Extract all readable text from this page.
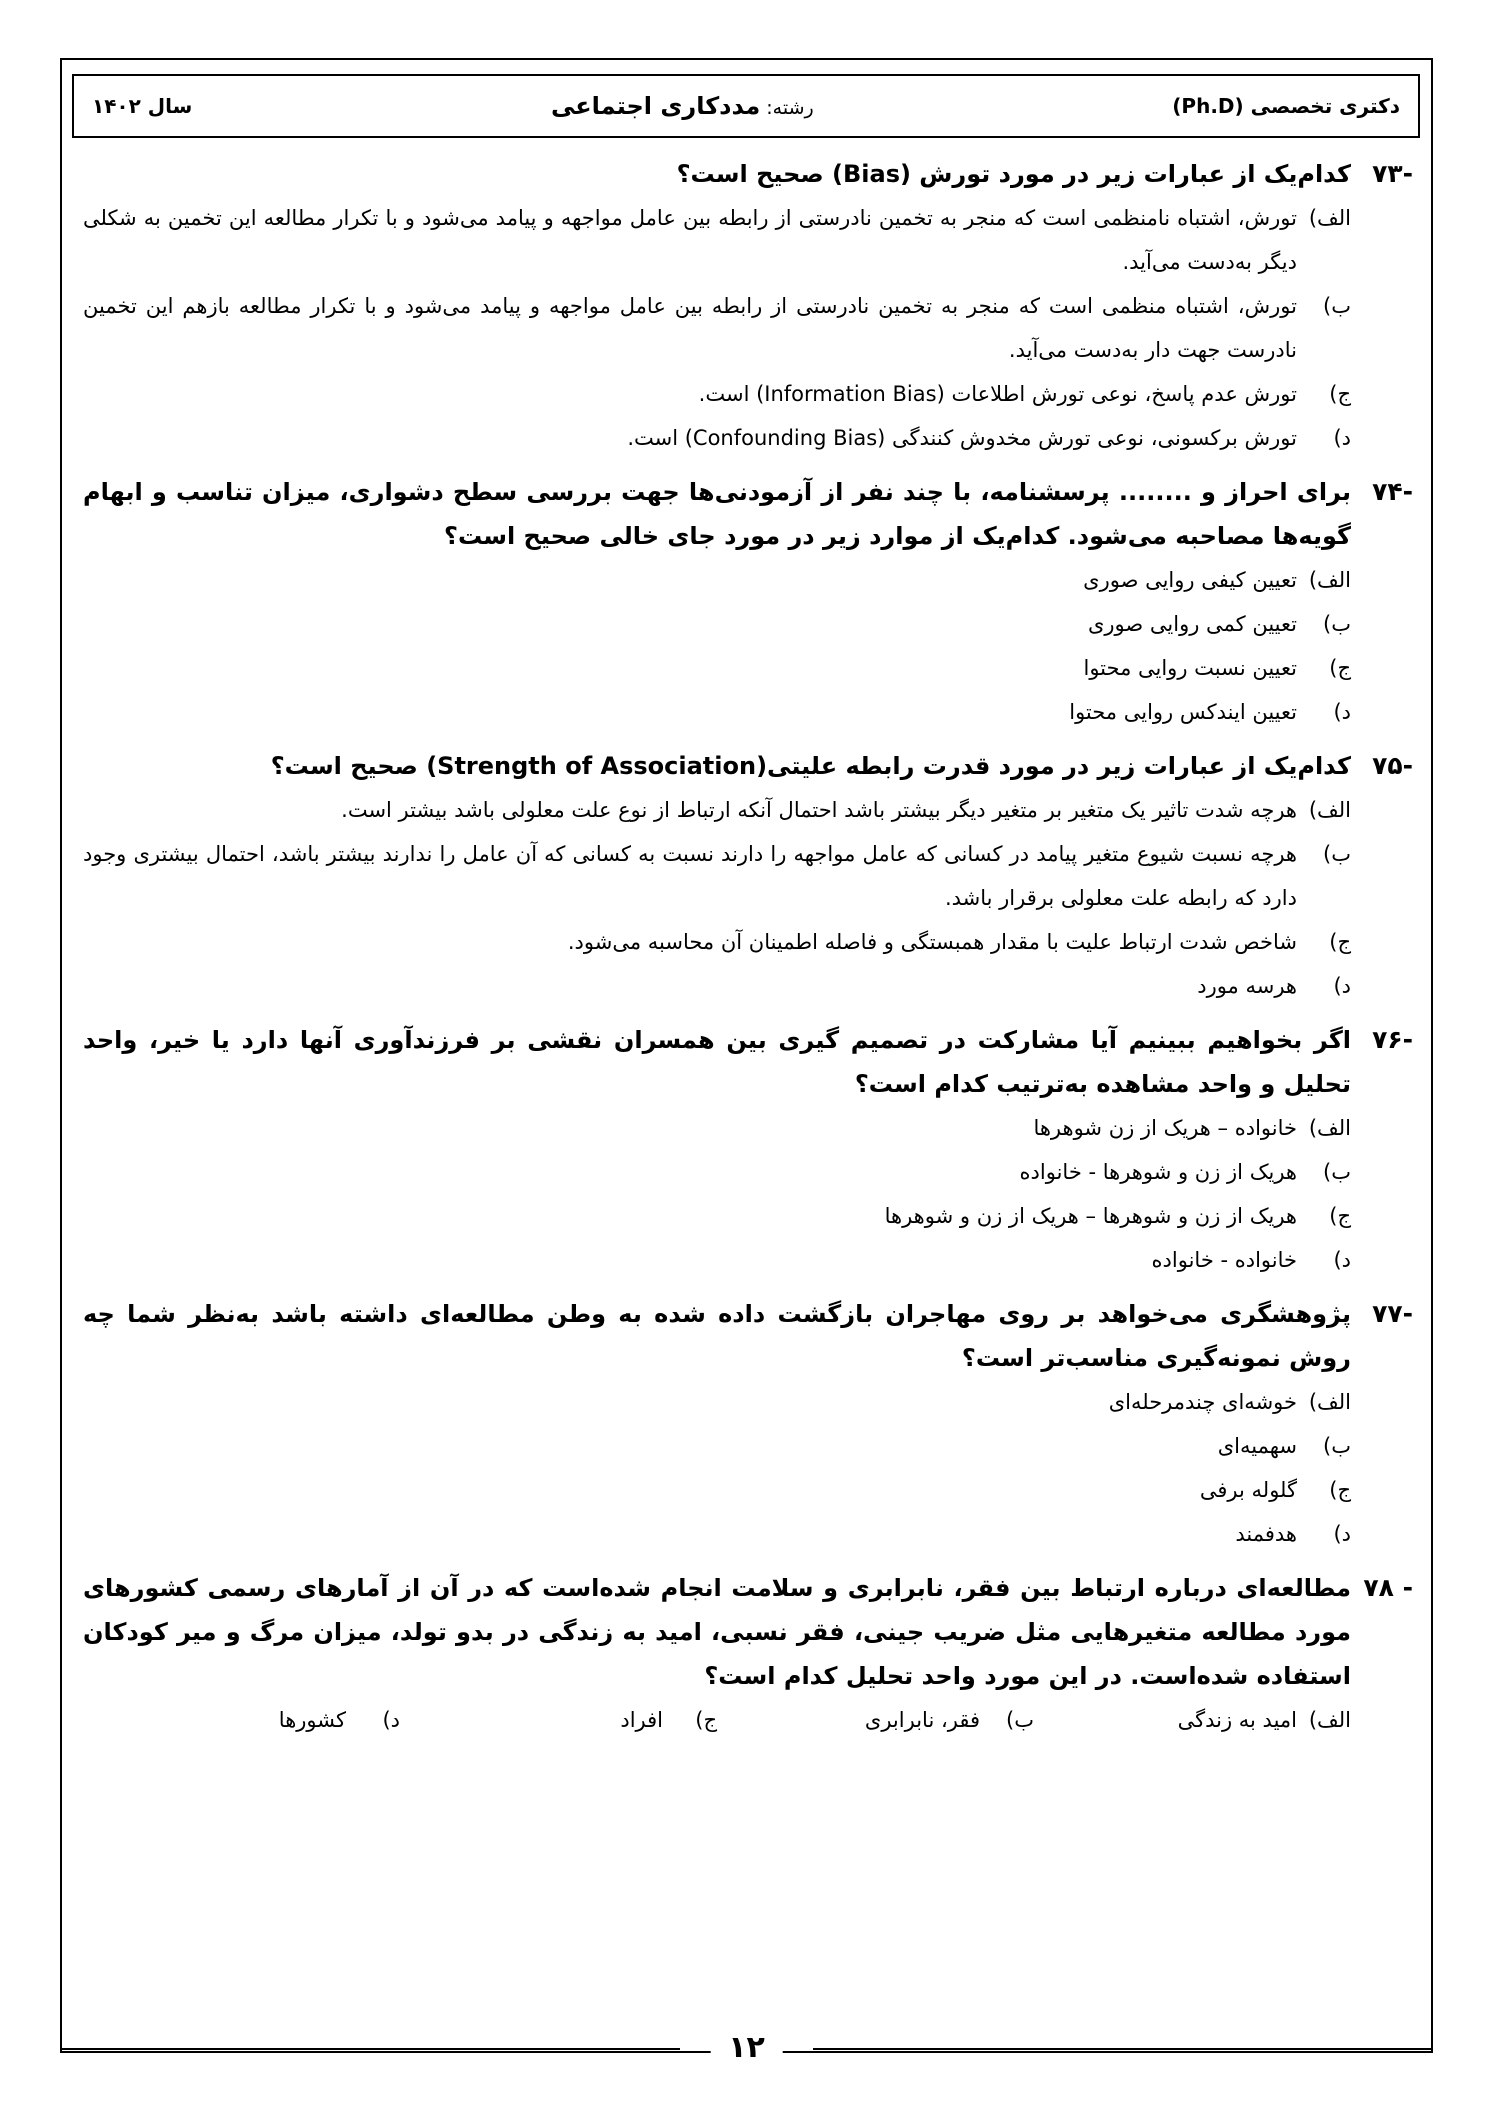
دکتری تخصصی (Ph.D)
رشته: مددکاری اجتماعی
سال ۱۴۰۲
-۷۳
کدام‌یک از عبارات زیر در مورد تورش (Bias) صحیح است؟
الف)
تورش، اشتباه نامنظمی است که منجر به تخمین نادرستی از رابطه بین عامل مواجهه و پیامد می‌شود و با تکرار مطالعه این تخمین به شکلی دیگر به‌دست می‌آید.
ب)
تورش، اشتباه منظمی است که منجر به تخمین نادرستی از رابطه بین عامل مواجهه و پیامد می‌شود و با تکرار مطالعه بازهم این تخمین نادرست جهت دار به‌دست می‌آید.
ج)
تورش عدم پاسخ، نوعی تورش اطلاعات (Information Bias) است.
د)
تورش برکسونی، نوعی تورش مخدوش کنندگی (Confounding Bias) است.
-۷۴
برای احراز و ........ پرسشنامه، با چند نفر از آزمودنی‌ها جهت بررسی سطح دشواری، میزان تناسب و ابهام گویه‌ها مصاحبه می‌شود. کدام‌یک از موارد زیر در مورد جای خالی صحیح است؟
الف)
تعیین کیفی روایی صوری
ب)
تعیین کمی روایی صوری
ج)
تعیین نسبت روایی محتوا
د)
تعیین ایندکس روایی محتوا
-۷۵
کدام‌یک از عبارات زیر در مورد قدرت رابطه علیتی(Strength of Association) صحیح است؟
الف)
هرچه شدت تاثیر یک متغیر بر متغیر دیگر بیشتر باشد احتمال آنکه ارتباط از نوع علت معلولی باشد بیشتر است.
ب)
هرچه نسبت شیوع متغیر پیامد در کسانی که عامل مواجهه را دارند نسبت به کسانی که آن عامل را ندارند بیشتر باشد، احتمال بیشتری وجود دارد که رابطه علت معلولی برقرار باشد.
ج)
شاخص شدت ارتباط علیت با مقدار همبستگی و فاصله اطمینان آن محاسبه می‌شود.
د)
هرسه مورد
-۷۶
اگر بخواهیم ببینیم آیا مشارکت در تصمیم گیری بین همسران نقشی بر فرزندآوری آنها دارد یا خیر، واحد تحلیل و واحد مشاهده به‌ترتیب کدام است؟
الف)
خانواده – هریک از زن شوهرها
ب)
هریک از زن و شوهرها - خانواده
ج)
هریک از زن و شوهرها – هریک از زن و شوهرها
د)
خانواده - خانواده
-۷۷
پژوهشگری می‌خواهد بر روی مهاجران بازگشت داده شده به وطن مطالعه‌ای داشته باشد به‌نظر شما چه روش نمونه‌گیری مناسب‌تر است؟
الف)
خوشه‌ای چندمرحله‌ای
ب)
سهمیه‌ای
ج)
گلوله برفی
د)
هدفمند
- ۷۸
مطالعه‌ای درباره ارتباط بین فقر، نابرابری و سلامت انجام شده‌است که در آن از آمارهای رسمی کشورهای مورد مطالعه متغیرهایی مثل ضریب جینی، فقر نسبی، امید به زندگی در بدو تولد، میزان مرگ و میر کودکان استفاده شده‌است. در این مورد واحد تحلیل کدام است؟
الف)
امید به زندگی
ب)
فقر، نابرابری
ج)
افراد
د)
کشورها
۱۲
